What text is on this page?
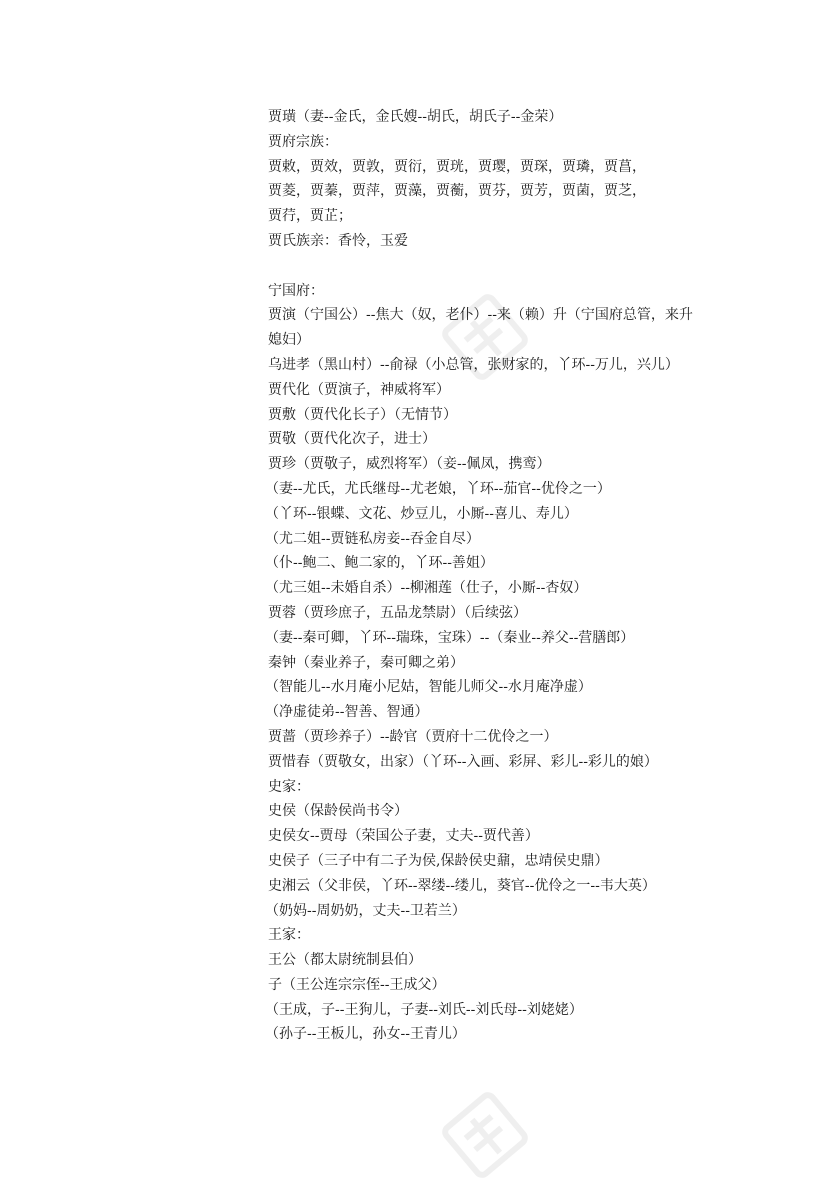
贾璜（妻--金氏，金氏嫂--胡氏，胡氏子--金荣）
贾府宗族：
贾敕，贾效，贾敦，贾衍，贾珖，贾璎，贾琛，贾璘，贾菖，
贾菱，贾蓁，贾萍，贾藻，贾蘅，贾芬，贾芳，贾菌，贾芝，
贾荇，贾芷；
贾氏族亲：香怜，玉爱
宁国府：
贾演（宁国公）--焦大（奴，老仆）--来（赖）升（宁国府总管，来升
媳妇）
乌进孝（黑山村）--俞禄（小总管，张财家的，丫环--万儿，兴儿）
贾代化（贾演子，神威将军）
贾敷（贾代化长子）（无情节）
贾敬（贾代化次子，进士）
贾珍（贾敬子，威烈将军）（妾--佩凤，携鸾）
（妻--尤氏，尤氏继母--尤老娘，丫环--茄官--优伶之一）
（丫环--银蝶、文花、炒豆儿，小厮--喜儿、寿儿）
（尤二姐--贾链私房妾--吞金自尽）
（仆--鲍二、鲍二家的，丫环--善姐）
（尤三姐--未婚自杀）--柳湘莲（仕子，小厮--杏奴）
贾蓉（贾珍庶子，五品龙禁尉）（后续弦）
（妻--秦可卿，丫环--瑞珠，宝珠）--（秦业--养父--营膳郎）
秦钟（秦业养子，秦可卿之弟）
（智能儿--水月庵小尼姑，智能儿师父--水月庵净虚）
（净虚徒弟--智善、智通）
贾蔷（贾珍养子）--龄官（贾府十二优伶之一）
贾惜春（贾敬女，出家）（丫环--入画、彩屏、彩儿--彩儿的娘）
史家：
史侯（保龄侯尚书令）
史侯女--贾母（荣国公子妻，丈夫--贾代善）
史侯子（三子中有二子为侯,保龄侯史鼐，忠靖侯史鼎）
史湘云（父非侯，丫环--翠缕--缕儿，葵官--优伶之一--韦大英）
（奶妈--周奶奶，丈夫--卫若兰）
王家：
王公（都太尉统制县伯）
子（王公连宗宗侄--王成父）
（王成，子--王狗儿，子妻--刘氏--刘氏母--刘姥姥）
（孙子--王板儿，孙女--王青儿）
